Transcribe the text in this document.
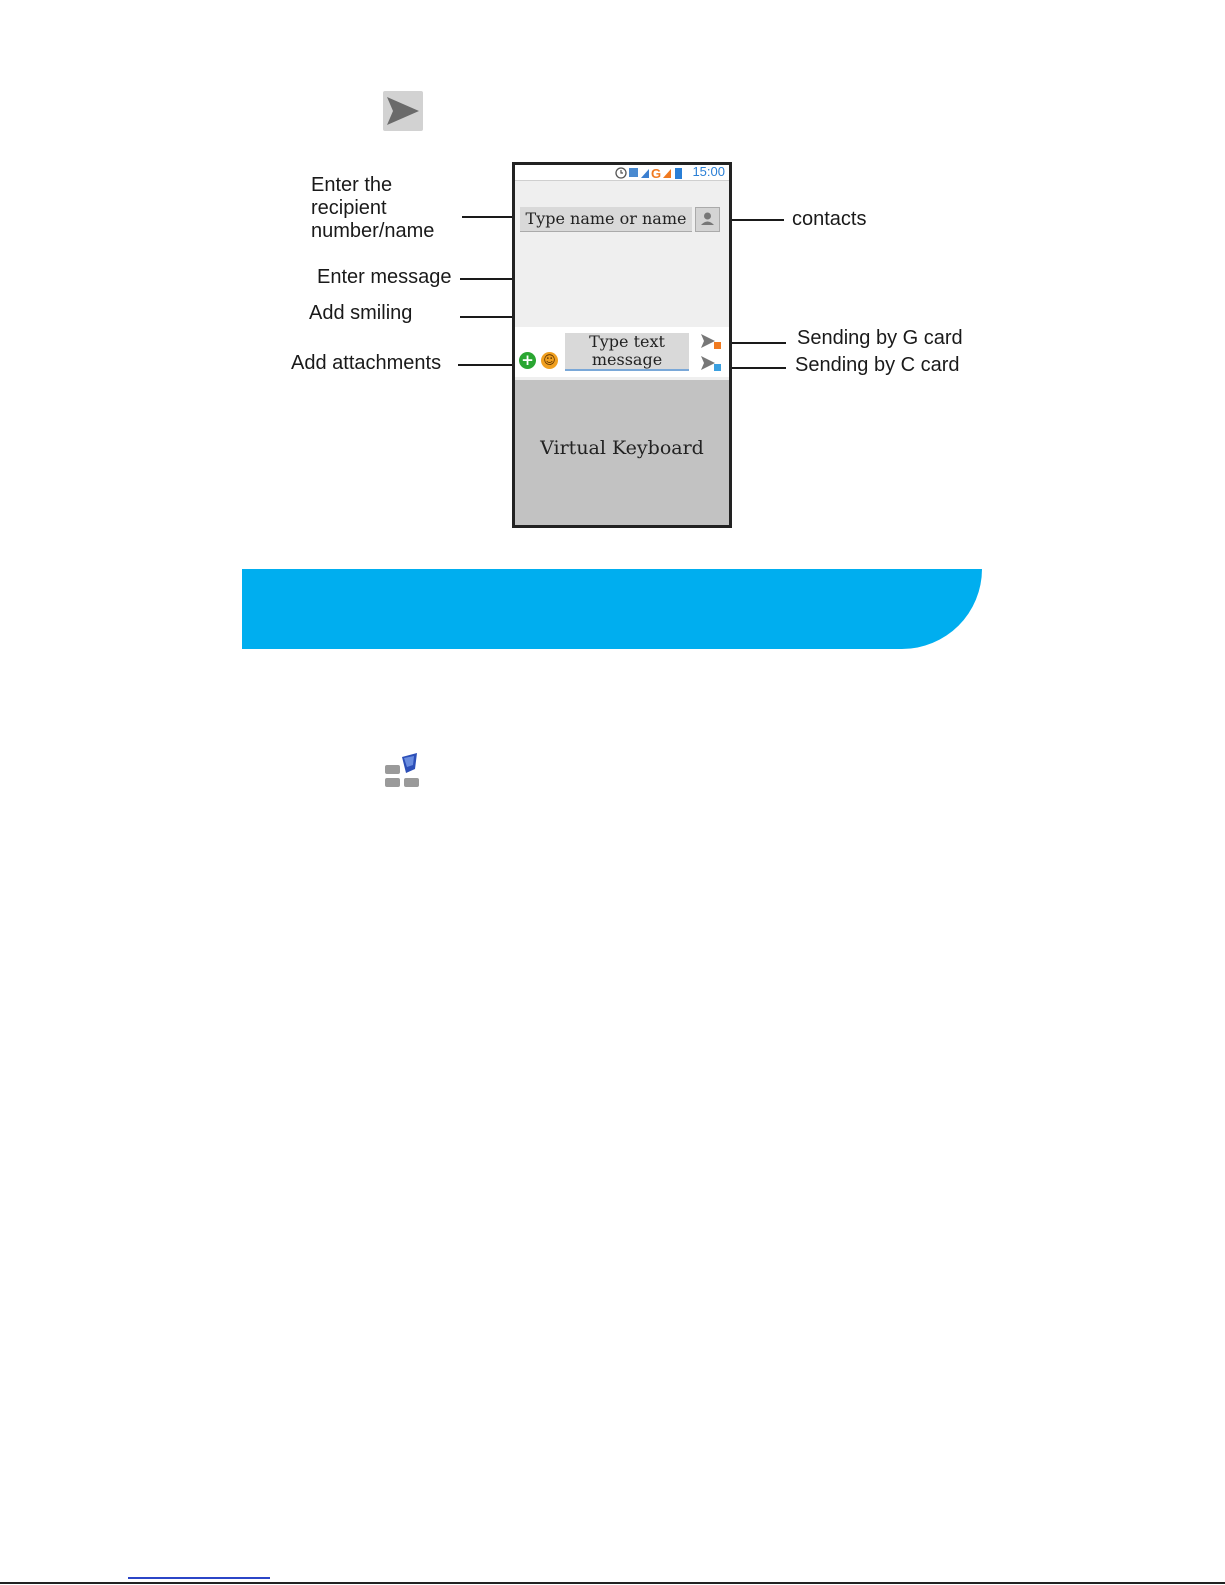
Enter the recipient number/name
Enter message
Add smiling
Add attachments
contacts
Sending by G card
Sending by C card
G 15:00
Type name or name
+ ☺
Type text message
Virtual Keyboard
